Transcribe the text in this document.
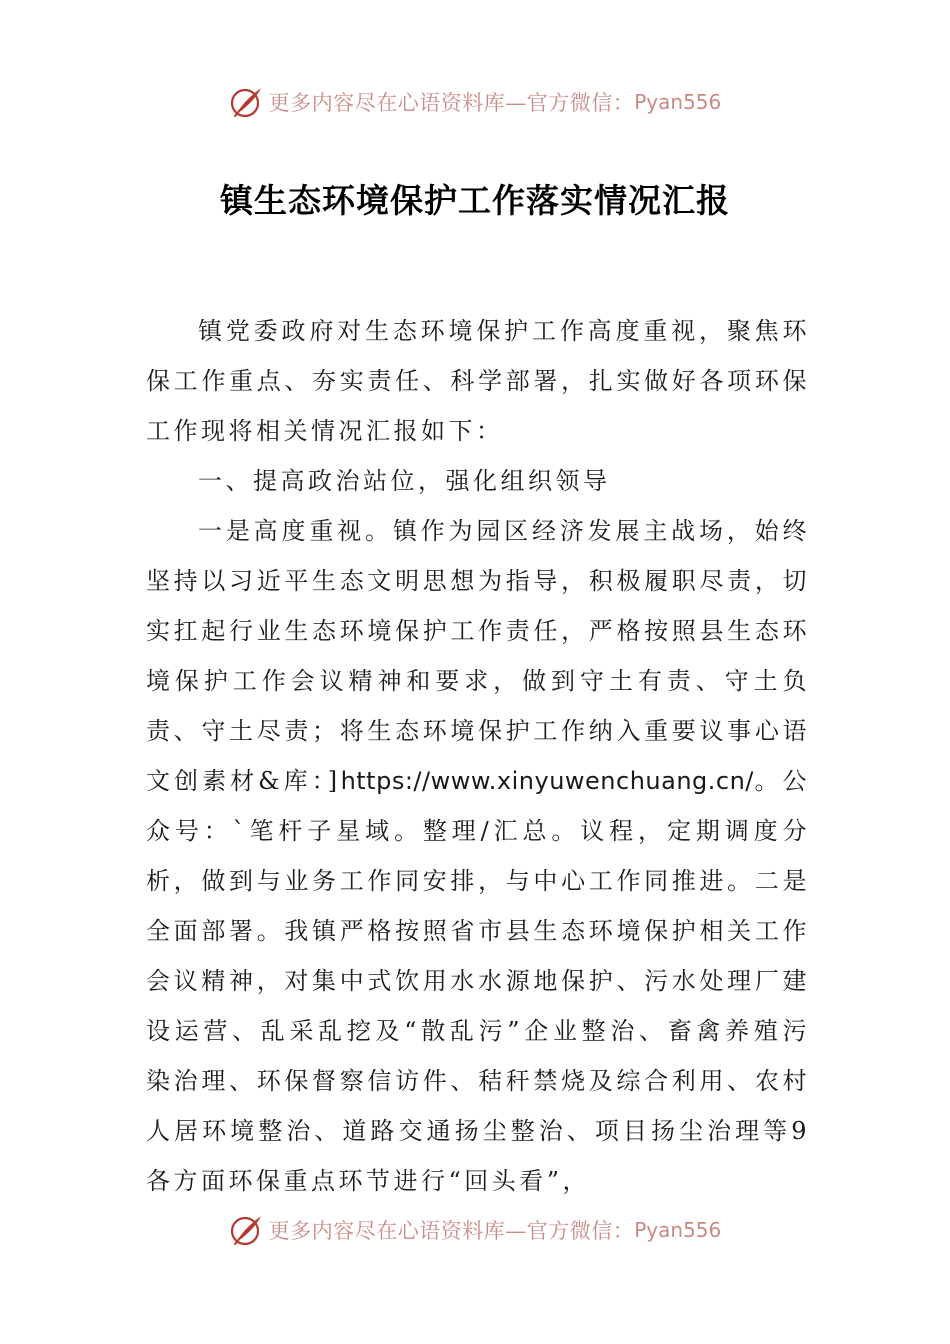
更多内容尽在心语资料库—官方微信： Pyan556
镇生态环境保护工作落实情况汇报

镇党委政府对生态环境保护工作高度重视，聚焦环保工作重点、夯实责任、科学部署，扎实做好各项环保工作现将相关情况汇报如下：

一、提高政治站位，强化组织领导

一是高度重视。镇作为园区经济发展主战场，始终坚持以习近平生态文明思想为指导，积极履职尽责，切实扛起行业生态环境保护工作责任，严格按照县生态环境保护工作会议精神和要求，做到守土有责、守土负责、守土尽责；将生态环境保护工作纳入重要议事心语文创素材&库：]https://www.xinyuwenchuang.cn/。公众号：`笔杆子星域。整理/汇总。议程，定期调度分析，做到与业务工作同安排，与中心工作同推进。二是全面部署。我镇严格按照省市县生态环境保护相关工作会议精神，对集中式饮用水水源地保护、污水处理厂建设运营、乱采乱挖及“散乱污”企业整治、畜禽养殖污染治理、环保督察信访件、秸秆禁烧及综合利用、农村人居环境整治、道路交通扬尘整治、项目扬尘治理等9各方面环保重点环节进行“回头看”，

更多内容尽在心语资料库—官方微信： Pyan556
